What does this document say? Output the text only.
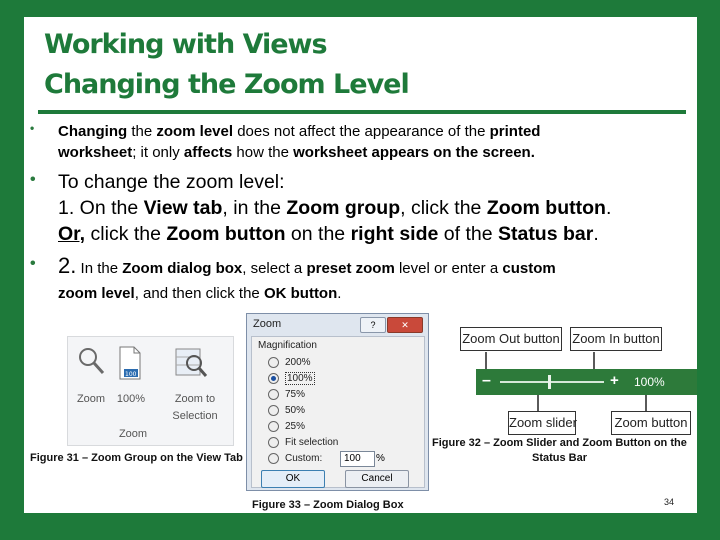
Working with Views
Changing the Zoom Level
• Changing the zoom level does not affect the appearance of the printed
worksheet; it only affects how the worksheet appears on the screen.
• To change the zoom level:
1. On the View tab, in the Zoom group, click the Zoom button.
Or, click the Zoom button on the right side of the Status bar.
• 2. In the Zoom dialog box, select a preset zoom level or enter a custom
zoom level, and then click the OK button.
Zoom
100
100%	Zoom to
Selection
Zoom
Figure 31 – Zoom Group on the View Tab
Zoom	?	✕
Magnification
200%
100%
75%
50%
25%
Fit selection
Custom:	100	%
OK	Cancel
Figure 33 – Zoom Dialog Box
Zoom Out button Zoom In button
–	+ 100%
Zoom slider	Zoom button
Figure 32 – Zoom Slider and Zoom Button on the
Status Bar
34
